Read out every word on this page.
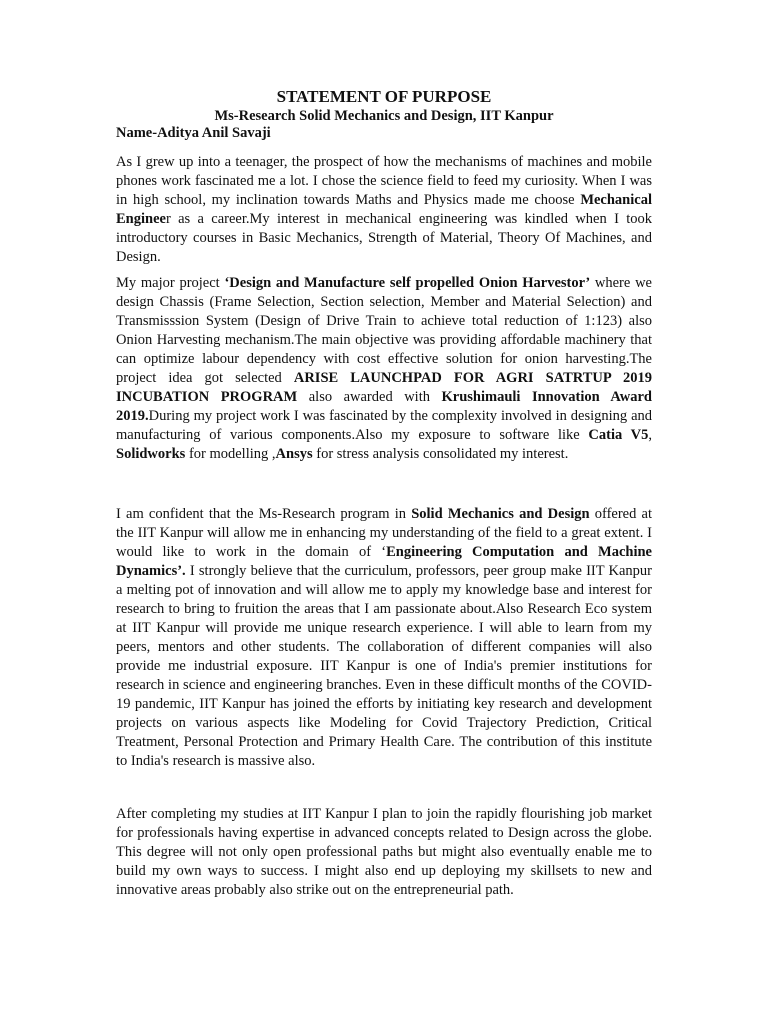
STATEMENT OF PURPOSE
Ms-Research Solid Mechanics and Design, IIT Kanpur
Name-Aditya Anil Savaji

As I grew up into a teenager, the prospect of how the mechanisms of machines and mobile phones work fascinated me a lot. I chose the science field to feed my curiosity. When I was in high school, my inclination towards Maths and Physics made me choose Mechanical Engineer as a career.My interest in mechanical engineering was kindled when I took introductory courses in Basic Mechanics, Strength of Material, Theory Of Machines, and Design.

My major project ‘Design and Manufacture self propelled Onion Harvestor’ where we design Chassis (Frame Selection, Section selection, Member and Material Selection) and Transmisssion System (Design of Drive Train to achieve total reduction of 1:123) also Onion Harvesting mechanism.The main objective was providing affordable machinery that can optimize labour dependency with cost effective solution for onion harvesting.The project idea got selected ARISE LAUNCHPAD FOR AGRI SATRTUP 2019 INCUBATION PROGRAM also awarded with Krushimauli Innovation Award 2019.During my project work I was fascinated by the complexity involved in designing and manufacturing of various components.Also my exposure to software like Catia V5, Solidworks for modelling ,Ansys for stress analysis consolidated my interest.

I am confident that the Ms-Research program in Solid Mechanics and Design offered at the IIT Kanpur will allow me in enhancing my understanding of the field to a great extent. I would like to work in the domain of ‘Engineering Computation and Machine Dynamics’. I strongly believe that the curriculum, professors, peer group make IIT Kanpur a melting pot of innovation and will allow me to apply my knowledge base and interest for research to bring to fruition the areas that I am passionate about.Also Research Eco system at IIT Kanpur will provide me unique research experience. I will able to learn from my peers, mentors and other students. The collaboration of different companies will also provide me industrial exposure. IIT Kanpur is one of India's premier institutions for research in science and engineering branches. Even in these difficult months of the COVID-19 pandemic, IIT Kanpur has joined the efforts by initiating key research and development projects on various aspects like Modeling for Covid Trajectory Prediction, Critical Treatment, Personal Protection and Primary Health Care. The contribution of this institute to India's research is massive also.

After completing my studies at IIT Kanpur I plan to join the rapidly flourishing job market for professionals having expertise in advanced concepts related to Design across the globe. This degree will not only open professional paths but might also eventually enable me to build my own ways to success. I might also end up deploying my skillsets to new and innovative areas probably also strike out on the entrepreneurial path.
